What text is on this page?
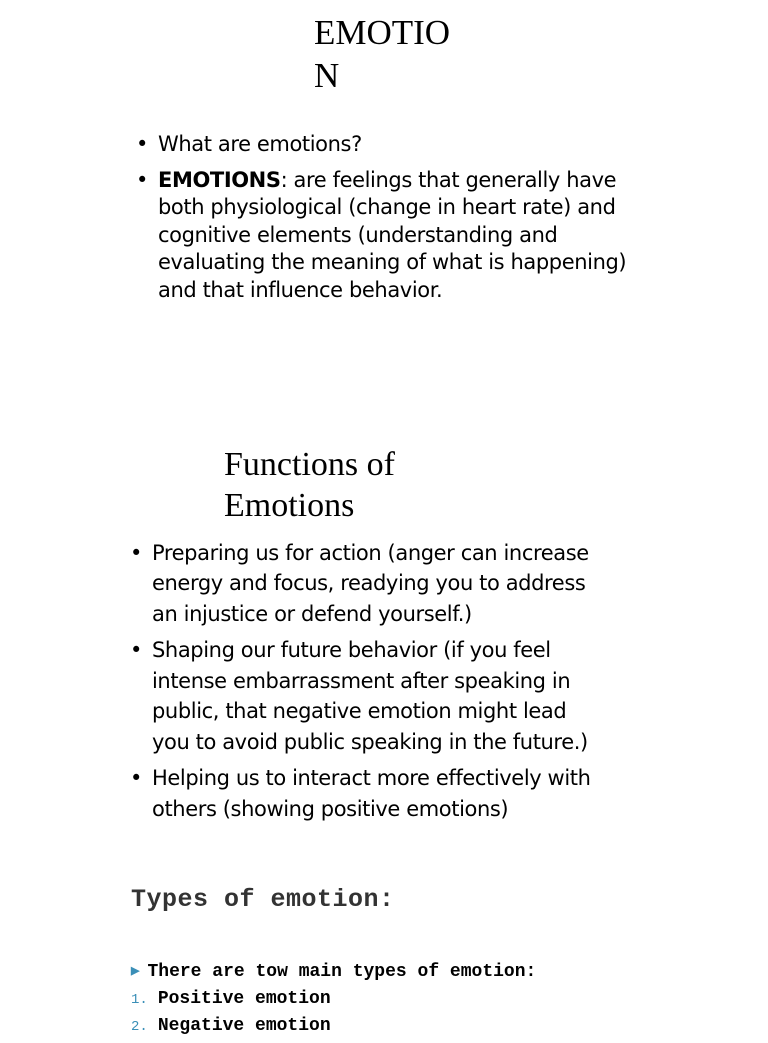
EMOTION
• What are emotions?
• EMOTIONS: are feelings that generally have both physiological (change in heart rate) and cognitive elements (understanding and evaluating the meaning of what is happening) and that influence behavior.
Functions of Emotions
• Preparing us for action (anger can increase energy and focus, readying you to address an injustice or defend yourself.)
• Shaping our future behavior (if you feel intense embarrassment after speaking in public, that negative emotion might lead you to avoid public speaking in the future.)
• Helping us to interact more effectively with others (showing positive emotions)
Types of emotion:
▶ There are tow main types of emotion:
1. Positive emotion
2. Negative emotion
